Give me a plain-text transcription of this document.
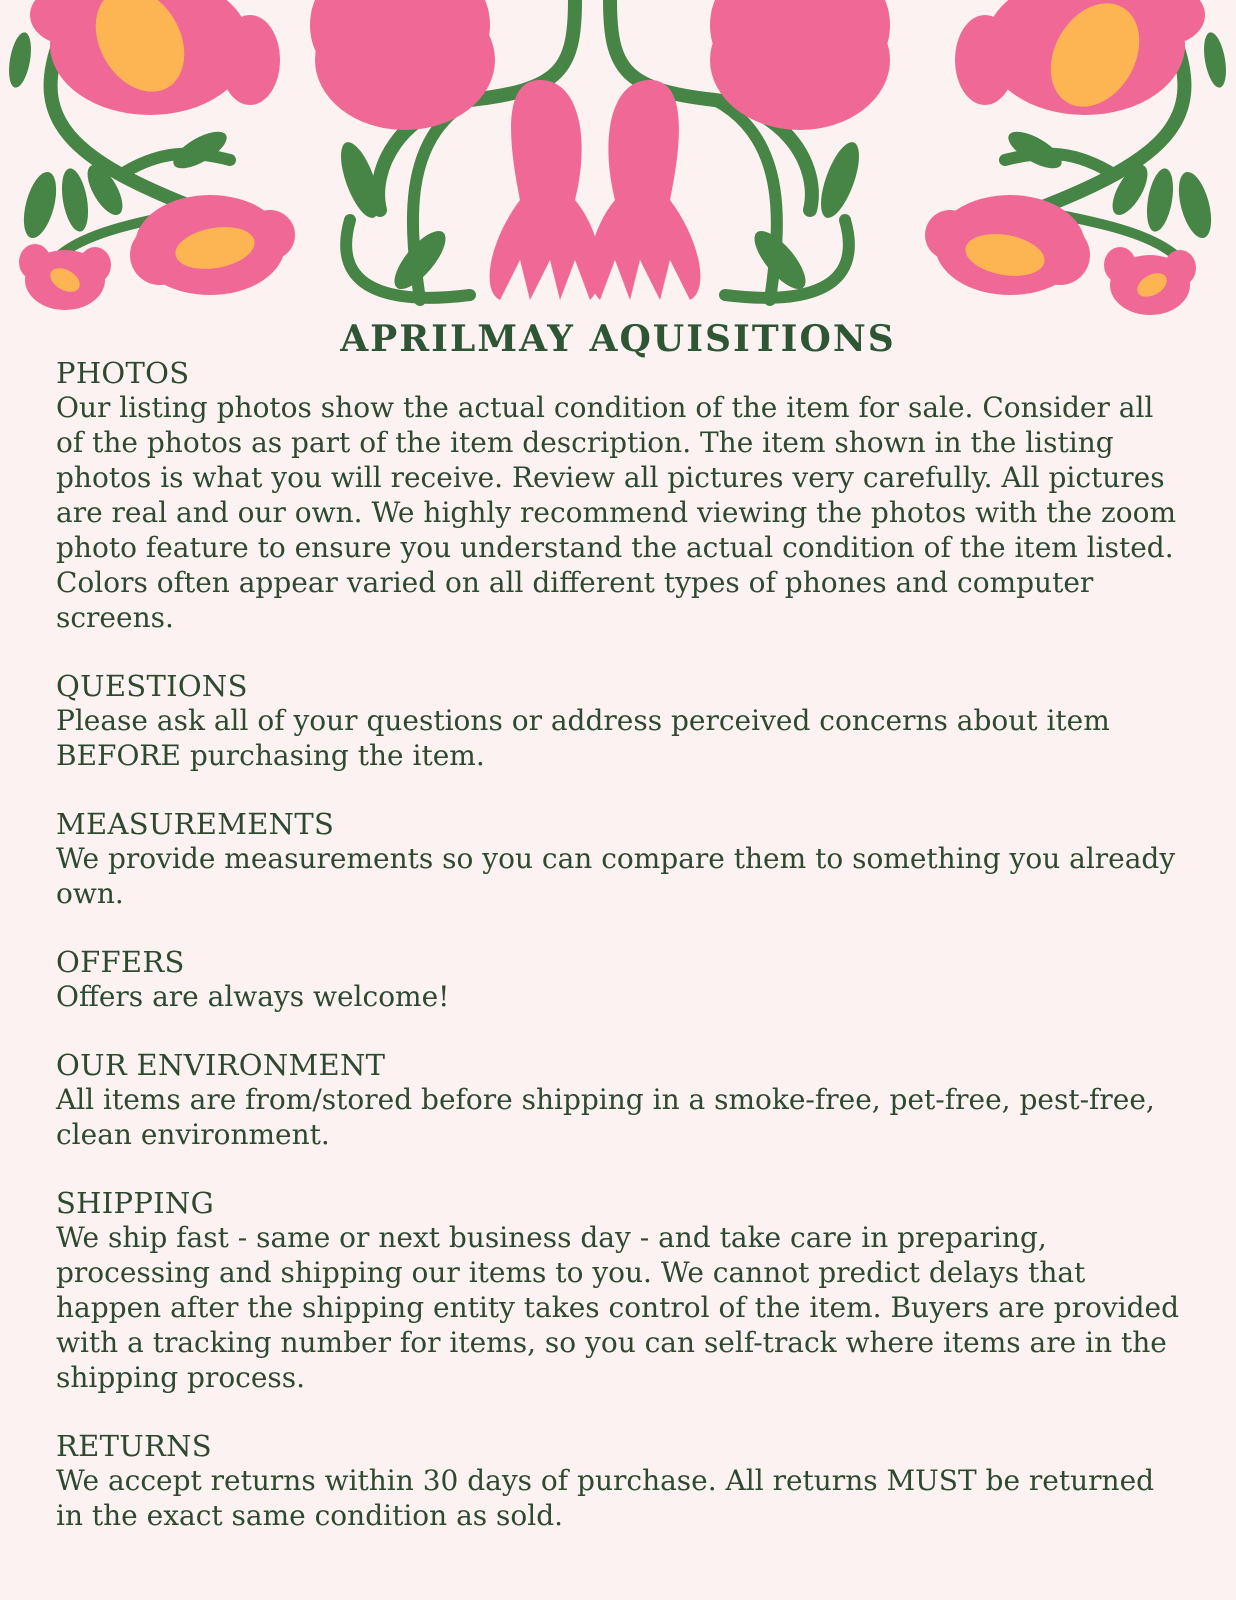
APRILMAY AQUISITIONS
PHOTOS

Our listing photos show the actual condition of the item for sale. Consider all of the photos as part of the item description. The item shown in the listing photos is what you will receive. Review all pictures very carefully. All pictures are real and our own. We highly recommend viewing the photos with the zoom photo feature to ensure you understand the actual condition of the item listed. Colors often appear varied on all different types of phones and computer screens.

QUESTIONS

Please ask all of your questions or address perceived concerns about item BEFORE purchasing the item.

MEASUREMENTS

We provide measurements so you can compare them to something you already own.

OFFERS

Offers are always welcome!

OUR ENVIRONMENT

All items are from/stored before shipping in a smoke-free, pet-free, pest-free, clean environment.

SHIPPING

We ship fast - same or next business day - and take care in preparing, processing and shipping our items to you. We cannot predict delays that happen after the shipping entity takes control of the item. Buyers are provided with a tracking number for items, so you can self-track where items are in the shipping process.

RETURNS

We accept returns within 30 days of purchase. All returns MUST be returned in the exact same condition as sold.
